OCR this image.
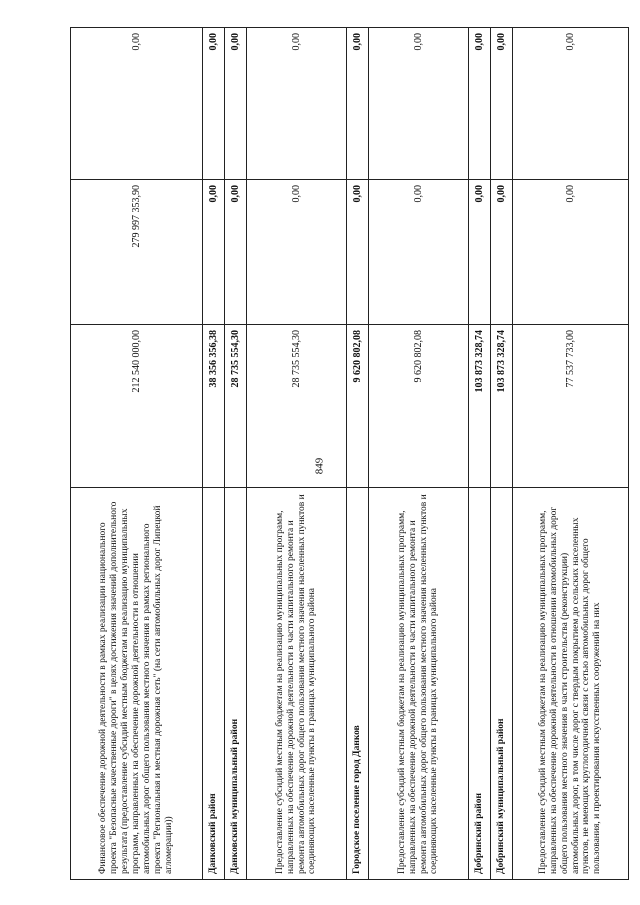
849
Финансовое обеспечение дорожной деятельности в рамках реализации национального проекта "Безопасные качественные дороги" в целях достижения значений дополнительного результата (предоставление субсидий местным бюджетам на реализацию муниципальных программ, направленных на обеспечение дорожной деятельности в отношении автомобильных дорог общего пользования местного значения в рамках регионального проекта "Региональная и местная дорожная сеть" (на сети автомобильных дорог Липецкой агломерации))	212 540 000,00	279 997 353,90	0,00
Данковский район	38 356 356,38	0,00	0,00
Данковский муниципальный район	28 735 554,30	0,00	0,00
Предоставление субсидий местным бюджетам на реализацию муниципальных программ, направленных на обеспечение дорожной деятельности в части капитального ремонта и ремонта автомобильных дорог общего пользования местного значения населенных пунктов и соединяющих населенные пункты в границах муниципального района	28 735 554,30	0,00	0,00
Городское поселение город Данков	9 620 802,08	0,00	0,00
Предоставление субсидий местным бюджетам на реализацию муниципальных программ, направленных на обеспечение дорожной деятельности в части капитального ремонта и ремонта автомобильных дорог общего пользования местного значения населенных пунктов и соединяющих населенные пункты в границах муниципального района	9 620 802,08	0,00	0,00
Добринский район	103 873 328,74	0,00	0,00
Добринский муниципальный район	103 873 328,74	0,00	0,00
Предоставление субсидий местным бюджетам на реализацию муниципальных программ, направленных на обеспечение дорожной деятельности в отношении автомобильных дорог общего пользования местного значения в части строительства (реконструкции) автомобильных дорог, в том числе дорог с твердым покрытием до сельских населенных пунктов, не имеющих круглогодичной связи с сетью автомобильных дорог общего пользования, и проектирования искусственных сооружений на них	77 537 733,00	0,00	0,00
